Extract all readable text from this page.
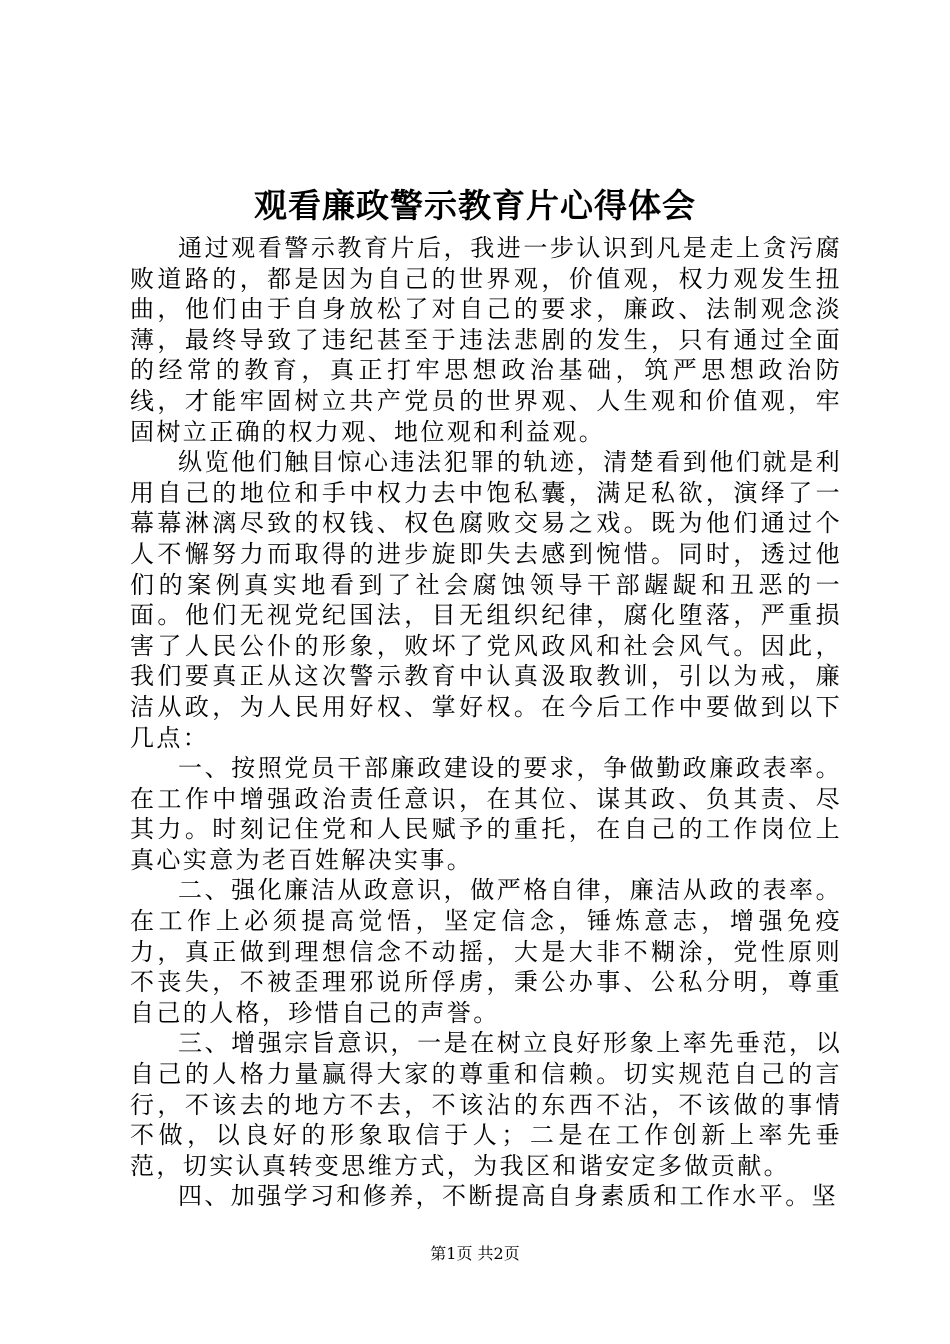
观看廉政警示教育片心得体会

通过观看警示教育片后，我进一步认识到凡是走上贪污腐败道路的，都是因为自己的世界观，价值观，权力观发生扭曲，他们由于自身放松了对自己的要求，廉政、法制观念淡薄，最终导致了违纪甚至于违法悲剧的发生，只有通过全面的经常的教育，真正打牢思想政治基础，筑严思想政治防线，才能牢固树立共产党员的世界观、人生观和价值观，牢固树立正确的权力观、地位观和利益观。

纵览他们触目惊心违法犯罪的轨迹，清楚看到他们就是利用自己的地位和手中权力去中饱私囊，满足私欲，演绎了一幕幕淋漓尽致的权钱、权色腐败交易之戏。既为他们通过个人不懈努力而取得的进步旋即失去感到惋惜。同时，透过他们的案例真实地看到了社会腐蚀领导干部龌龊和丑恶的一面。他们无视党纪国法，目无组织纪律，腐化堕落，严重损害了人民公仆的形象，败坏了党风政风和社会风气。因此，我们要真正从这次警示教育中认真汲取教训，引以为戒，廉洁从政，为人民用好权、掌好权。在今后工作中要做到以下几点：

一、按照党员干部廉政建设的要求，争做勤政廉政表率。在工作中增强政治责任意识，在其位、谋其政、负其责、尽其力。时刻记住党和人民赋予的重托，在自己的工作岗位上真心实意为老百姓解决实事。

二、强化廉洁从政意识，做严格自律，廉洁从政的表率。在工作上必须提高觉悟，坚定信念，锤炼意志，增强免疫力，真正做到理想信念不动摇，大是大非不糊涂，党性原则不丧失，不被歪理邪说所俘虏，秉公办事、公私分明，尊重自己的人格，珍惜自己的声誉。

三、增强宗旨意识，一是在树立良好形象上率先垂范，以自己的人格力量赢得大家的尊重和信赖。切实规范自己的言行，不该去的地方不去，不该沾的东西不沾，不该做的事情不做，以良好的形象取信于人；二是在工作创新上率先垂范，切实认真转变思维方式，为我区和谐安定多做贡献。

四、加强学习和修养，不断提高自身素质和工作水平。坚

第1页 共2页
